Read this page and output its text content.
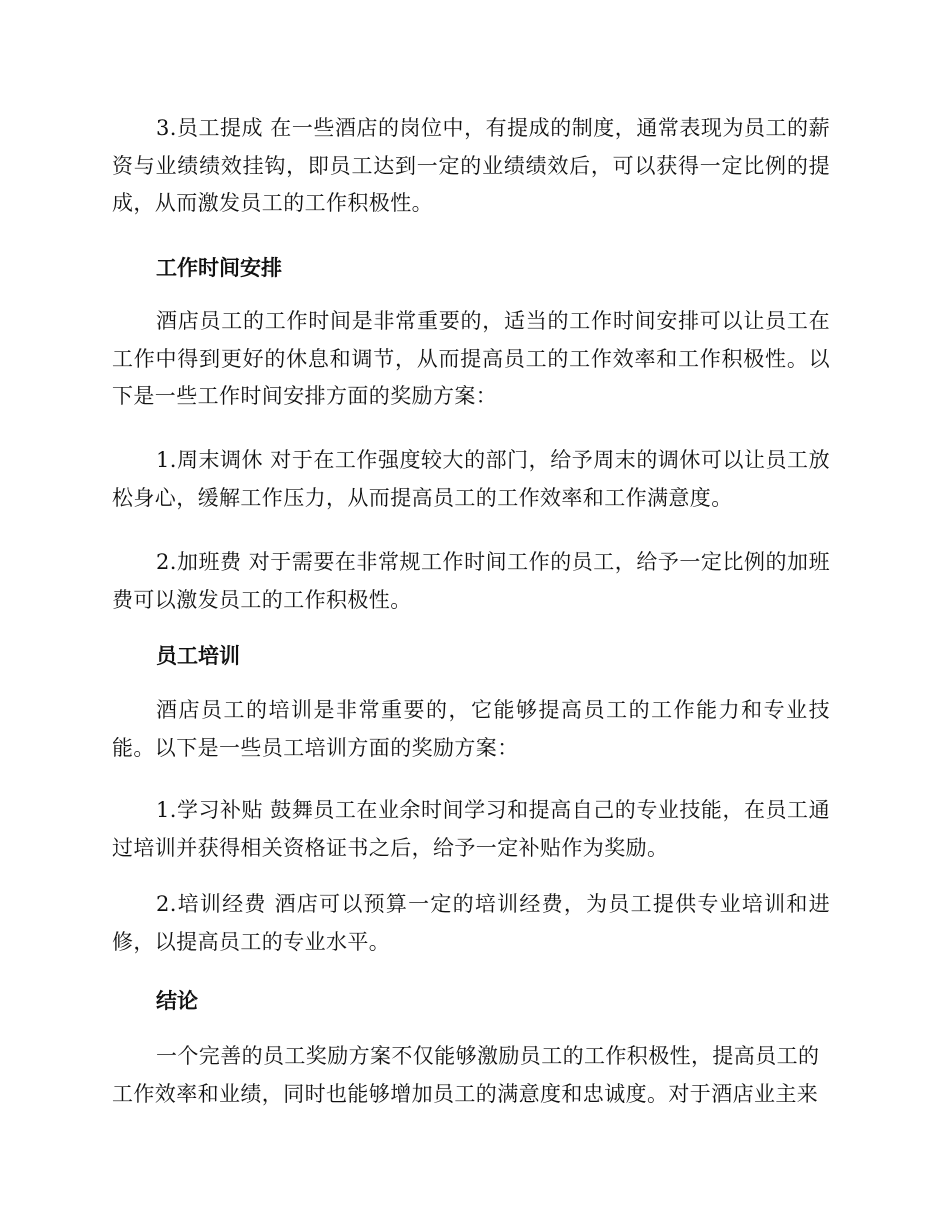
3.员工提成 在一些酒店的岗位中，有提成的制度，通常表现为员工的薪资与业绩绩效挂钩，即员工达到一定的业绩绩效后，可以获得一定比例的提成，从而激发员工的工作积极性。

工作时间安排

酒店员工的工作时间是非常重要的，适当的工作时间安排可以让员工在工作中得到更好的休息和调节，从而提高员工的工作效率和工作积极性。以下是一些工作时间安排方面的奖励方案：

1.周末调休 对于在工作强度较大的部门，给予周末的调休可以让员工放松身心，缓解工作压力，从而提高员工的工作效率和工作满意度。

2.加班费 对于需要在非常规工作时间工作的员工，给予一定比例的加班费可以激发员工的工作积极性。

员工培训

酒店员工的培训是非常重要的，它能够提高员工的工作能力和专业技能。以下是一些员工培训方面的奖励方案：

1.学习补贴 鼓舞员工在业余时间学习和提高自己的专业技能，在员工通过培训并获得相关资格证书之后，给予一定补贴作为奖励。

2.培训经费 酒店可以预算一定的培训经费，为员工提供专业培训和进修，以提高员工的专业水平。

结论

一个完善的员工奖励方案不仅能够激励员工的工作积极性，提高员工的

工作效率和业绩，同时也能够增加员工的满意度和忠诚度。对于酒店业主来
